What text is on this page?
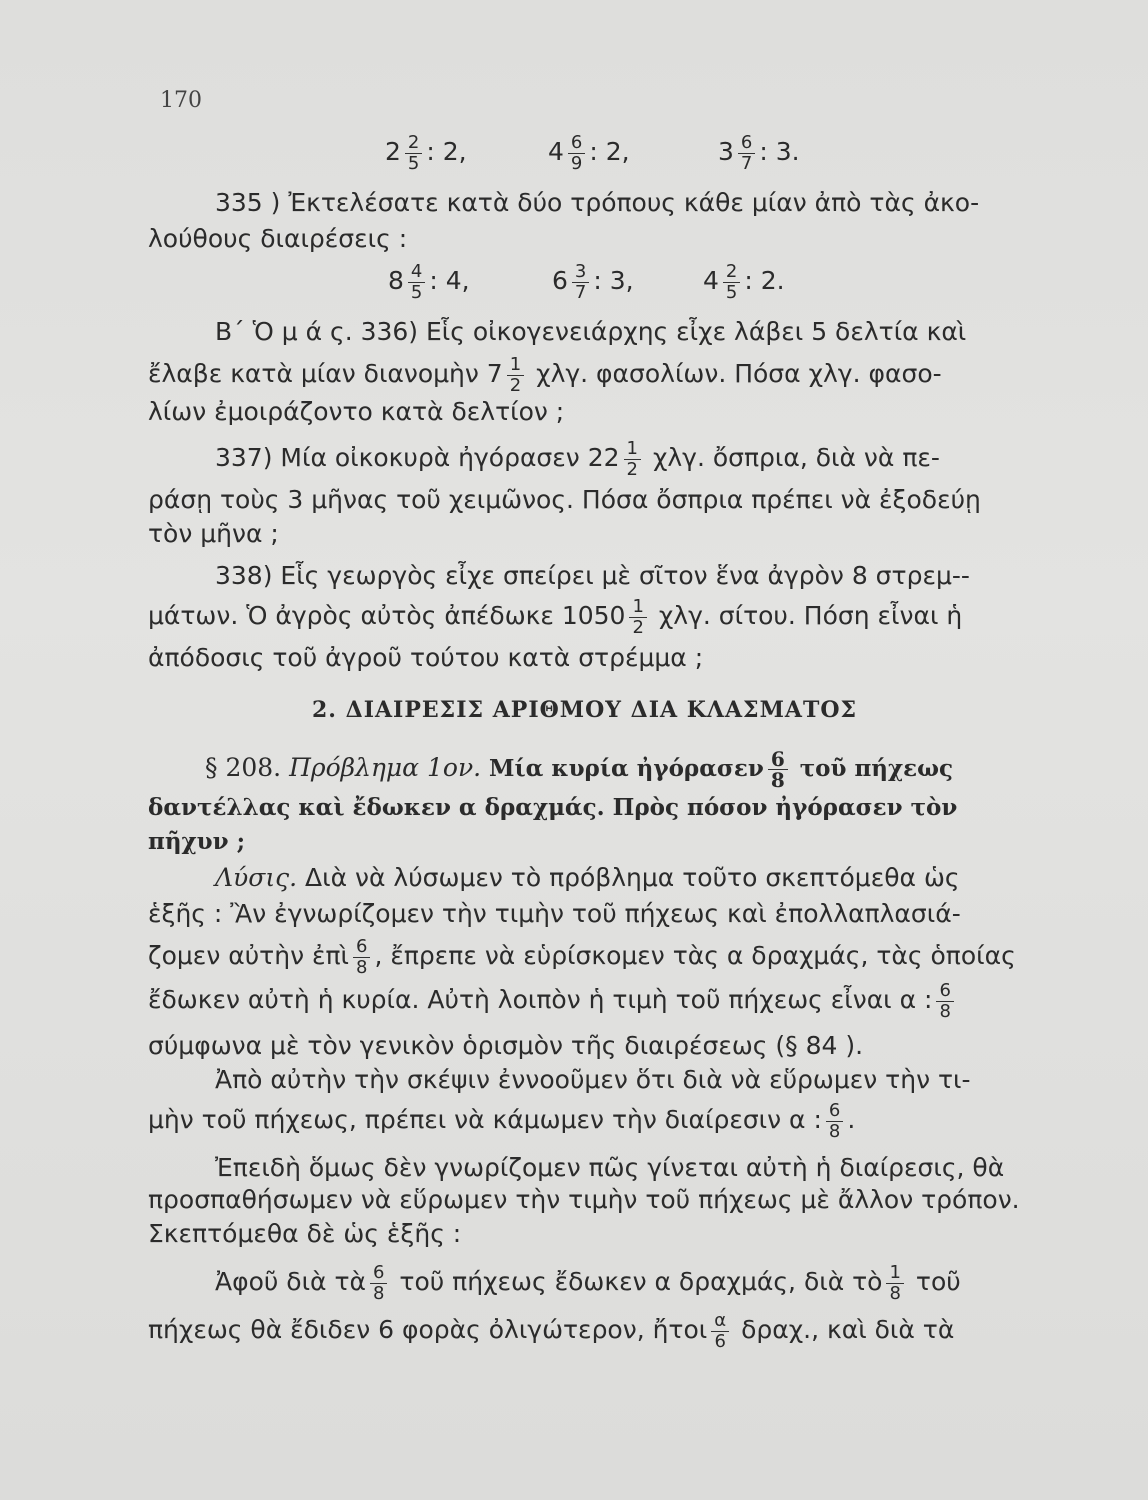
170
$2 \frac{2}{5}$ : 2,	$4 \frac{6}{9}$ : 2,	$3 \frac{6}{7}$ : 3.
335 ) Ἐκτελέσατε κατὰ δύο τρόπους κάθε μίαν ἀπὸ τὰς ἀκο-
λούθους διαιρέσεις :
$8 \frac{4}{5}$ : 4,	$6 \frac{3}{7}$ : 3,	$4 \frac{2}{5}$ : 2.
Β΄ Ὁ μ ά ς. 336) Εἷς οἰκογενειάρχης εἶχε λάβει 5 δελτία καὶ
ἔλαβε κατὰ μίαν διανομὴν $7 \frac{1}{2} \chi\lambda\gamma$. φασολίων. Πόσα χλγ. φασο-
λίων ἐμοιράζοντο κατὰ δελτίον ;
337) Μία οἰκοκυρὰ ἠγόρασεν $22 \frac{1}{2} \chi\lambda\gamma$. ὄσπρια, διὰ νὰ πε-
ράσῃ τοὺς 3 μῆνας τοῦ χειμῶνος. Πόσα ὄσπρια πρέπει νὰ ἐξοδεύῃ
τὸν μῆνα ;
338) Εἷς γεωργὸς εἶχε σπείρει μὲ σῖτον ἕνα ἀγρὸν 8 στρεμ--
μάτων. Ὁ ἀγρὸς αὐτὸς ἀπέδωκε $1050 \frac{1}{2} \chi\lambda\gamma$. σίτου. Πόση εἶναι ἡ
ἀπόδοσις τοῦ ἀγροῦ τούτου κατὰ στρέμμα ;
2. ΔΙΑΙΡΕΣΙΣ ΑΡΙΘΜΟΥ ΔΙΑ ΚΛΑΣΜΑΤΟΣ
§ 208. Πρόβλημα 1ον. Μία κυρία ἠγόρασεν $\frac{6}{8}$ τοῦ πήχεως
δαντέλλας καὶ ἔδωκεν α δραχμάς. Πρὸς πόσον ἠγόρασεν τὸν
πῆχυν ;
Λύσις. Διὰ νὰ λύσωμεν τὸ πρόβλημα τοῦτο σκεπτόμεθα ὡς
ἑξῆς : Ἂν ἐγνωρίζομεν τὴν τιμὴν τοῦ πήχεως καὶ ἐπολλαπλασιά-
ζομεν αὐτὴν ἐπὶ $\frac{6}{8}$ , ἔπρεπε νὰ εὑρίσκομεν τὰς α δραχμάς, τὰς ὁποίας
ἔδωκεν αὐτὴ ἡ κυρία. Αὐτὴ λοιπὸν ἡ τιμὴ τοῦ πήχεως εἶναι α : $\frac{6}{8}$
σύμφωνα μὲ τὸν γενικὸν ὁρισμὸν τῆς διαιρέσεως (§ 84 ).
Ἀπὸ αὐτὴν τὴν σκέψιν ἐννοοῦμεν ὅτι διὰ νὰ εὕρωμεν τὴν τι-
μὴν τοῦ πήχεως, πρέπει νὰ κάμωμεν τὴν διαίρεσιν α : $\frac{6}{8}$ .
Ἐπειδὴ ὅμως δὲν γνωρίζομεν πῶς γίνεται αὐτὴ ἡ διαίρεσις, θὰ
προσπαθήσωμεν νὰ εὕρωμεν τὴν τιμὴν τοῦ πήχεως μὲ ἄλλον τρόπον.
Σκεπτόμεθα δὲ ὡς ἑξῆς :
Ἀφοῦ διὰ τὰ $\frac{6}{8}$ τοῦ πήχεως ἔδωκεν α δραχμάς, διὰ τὸ $\frac{1}{8}$ τοῦ
πήχεως θὰ ἔδιδεν 6 φορὰς ὀλιγώτερον, ἤτοι $\frac{\alpha}{6} \delta\rho\alpha\chi$., καὶ διὰ τὰ
